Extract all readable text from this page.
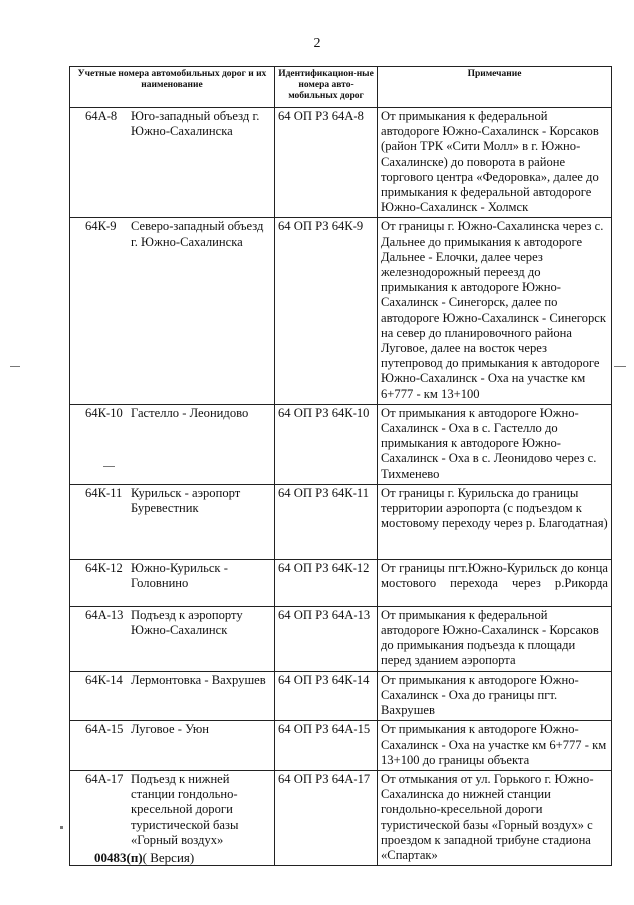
2
Учетные номера автомобильных дорог и их наименование	Идентификацион-ные номера авто-мобильных дорог	Примечание

64А-8 Юго-западный объезд г. Южно-Сахалинска	64 ОП РЗ 64А-8	От примыкания к федеральной автодороге Южно-Сахалинск - Корсаков (район ТРК «Сити Молл» в г. Южно-Сахалинске) до поворота в районе торгового центра «Федоровка», далее до примыкания к федеральной автодороге Южно-Сахалинск - Холмск

64К-9 Северо-западный объезд г. Южно-Сахалинска	64 ОП РЗ 64К-9	От границы г. Южно-Сахалинска через с. Дальнее до примыкания к автодороге Дальнее - Елочки, далее через железнодорожный переезд до примыкания к автодороге Южно-Сахалинск - Синегорск, далее по автодороге Южно-Сахалинск - Синегорск на север до планировочного района Луговое, далее на восток через путепровод до примыкания к автодороге Южно-Сахалинск - Оха на участке км 6+777 - км 13+100

64К-10 Гастелло - Леонидово	64 ОП РЗ 64К-10	От примыкания к автодороге Южно-Сахалинск - Оха в с. Гастелло до примыкания к автодороге Южно-Сахалинск - Оха в с. Леонидово через с. Тихменево

64К-11 Курильск - аэропорт Буревестник	64 ОП РЗ 64К-11	От границы г. Курильска до границы территории аэропорта (с подъездом к мостовому переходу через р. Благодатная)

64К-12 Южно-Курильск - Головнино	64 ОП РЗ 64К-12	От границы пгт.Южно-Курильск до конца мостового перехода через р.Рикорда

64А-13 Подъезд к аэропорту Южно-Сахалинск	64 ОП РЗ 64А-13	От примыкания к федеральной автодороге Южно-Сахалинск - Корсаков до примыкания подъезда к площади перед зданием аэропорта

64К-14 Лермонтовка - Вахрушев	64 ОП РЗ 64К-14	От примыкания к автодороге Южно-Сахалинск - Оха до границы пгт. Вахрушев

64А-15 Луговое - Уюн	64 ОП РЗ 64А-15	От примыкания к автодороге Южно-Сахалинск - Оха на участке км 6+777 - км 13+100 до границы объекта

64А-17 Подъезд к нижней станции гондольно-кресельной дороги туристической базы «Горный воздух»	64 ОП РЗ 64А-17	От отмыкания от ул. Горького г. Южно-Сахалинска до нижней станции гондольно-кресельной дороги туристической базы «Горный воздух» с проездом к западной трибуне стадиона «Спартак»
00483(п)( Версия)
